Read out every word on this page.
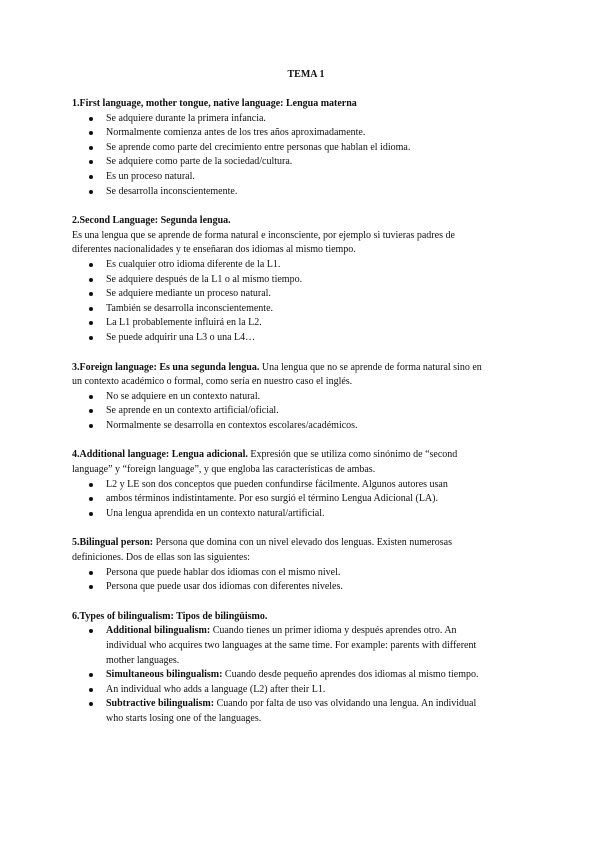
TEMA 1
1.First language, mother tongue, native language: Lengua materna
Se adquiere durante la primera infancia.
Normalmente comienza antes de los tres años aproximadamente.
Se aprende como parte del crecimiento entre personas que hablan el idioma.
Se adquiere como parte de la sociedad/cultura.
Es un proceso natural.
Se desarrolla inconscientemente.
2.Second Language: Segunda lengua.
Es una lengua que se aprende de forma natural e inconsciente, por ejemplo si tuvieras padres de
diferentes nacionalidades y te enseñaran dos idiomas al mismo tiempo.
Es cualquier otro idioma diferente de la L1.
Se adquiere después de la L1 o al mismo tiempo.
Se adquiere mediante un proceso natural.
También se desarrolla inconscientemente.
La L1 probablemente influirá en la L2.
Se puede adquirir una L3 o una L4…
3.Foreign language: Es una segunda lengua. Una lengua que no se aprende de forma natural sino en
un contexto académico o formal, como sería en nuestro caso el inglés.
No se adquiere en un contexto natural.
Se aprende en un contexto artificial/oficial.
Normalmente se desarrolla en contextos escolares/académicos.
4.Additional language: Lengua adicional. Expresión que se utiliza como sinónimo de “second
language” y “foreign language”, y que engloba las características de ambas.
L2 y LE son dos conceptos que pueden confundirse fácilmente. Algunos autores usan
ambos términos indistintamente. Por eso surgió el término Lengua Adicional (LA).
Una lengua aprendida en un contexto natural/artificial.
5.Bilingual person: Persona que domina con un nivel elevado dos lenguas. Existen numerosas
definiciones. Dos de ellas son las siguientes:
Persona que puede hablar dos idiomas con el mismo nivel.
Persona que puede usar dos idiomas con diferentes niveles.
6.Types of bilingualism: Tipos de bilingüismo.
Additional bilingualism: Cuando tienes un primer idioma y después aprendes otro. An
individual who acquires two languages at the same time. For example: parents with different
mother languages.
Simultaneous bilingualism: Cuando desde pequeño aprendes dos idiomas al mismo tiempo.
An individual who adds a language (L2) after their L1.
Subtractive bilingualism: Cuando por falta de uso vas olvidando una lengua. An individual
who starts losing one of the languages.
